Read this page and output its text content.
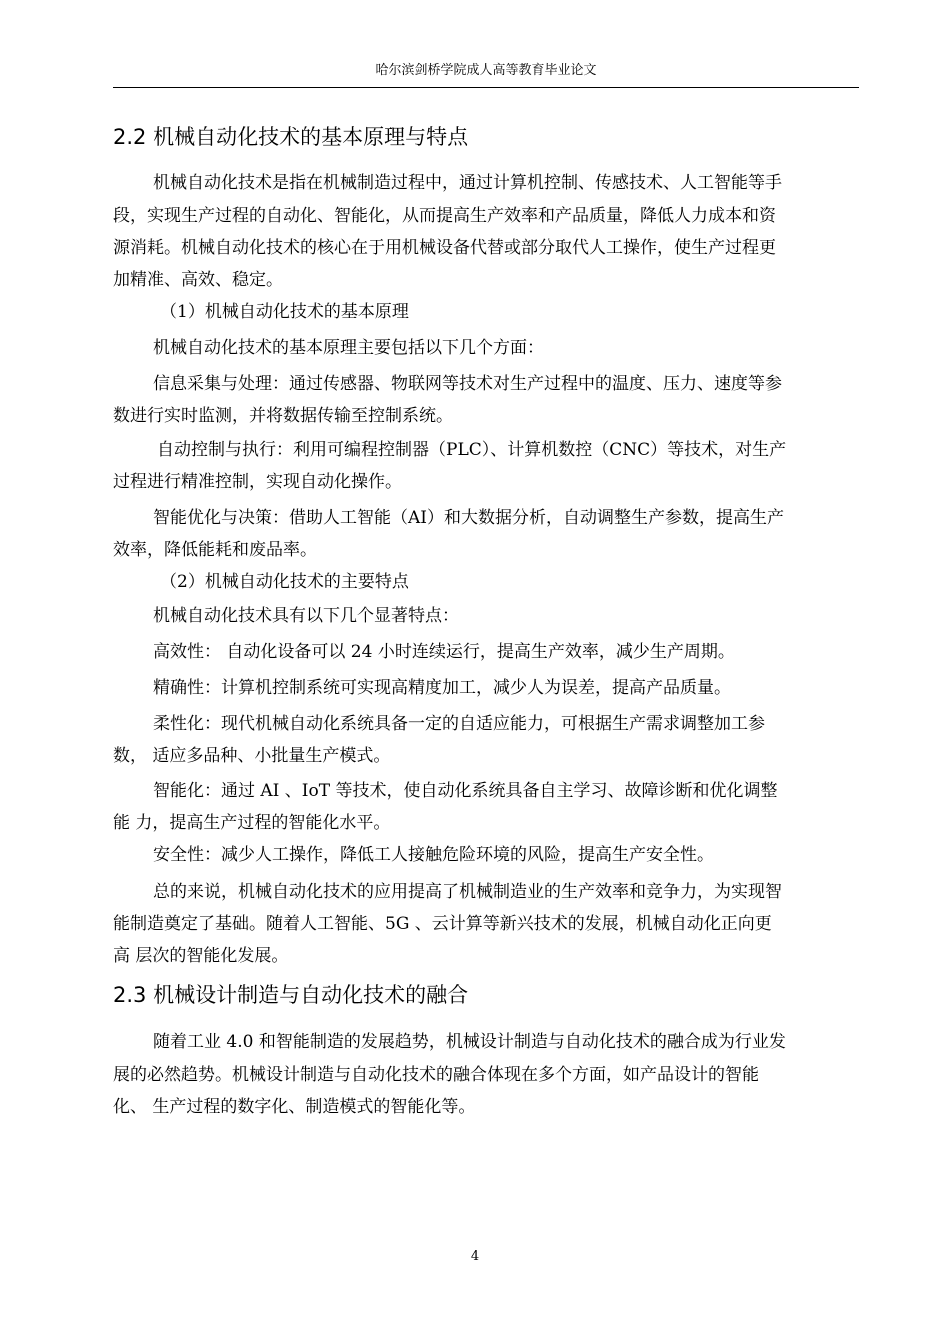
哈尔滨剑桥学院成人高等教育毕业论文
2.2 机械自动化技术的基本原理与特点

机械自动化技术是指在机械制造过程中，通过计算机控制、传感技术、人工智能等手

段，实现生产过程的自动化、智能化，从而提高生产效率和产品质量，降低人力成本和资

源消耗。机械自动化技术的核心在于用机械设备代替或部分取代人工操作，使生产过程更

加精准、高效、稳定。

（1）机械自动化技术的基本原理

机械自动化技术的基本原理主要包括以下几个方面：

信息采集与处理：通过传感器、物联网等技术对生产过程中的温度、压力、速度等参

数进行实时监测，并将数据传输至控制系统。

自动控制与执行：利用可编程控制器（PLC）、计算机数控（CNC）等技术，对生产

过程进行精准控制，实现自动化操作。

智能优化与决策：借助人工智能（AI）和大数据分析，自动调整生产参数，提高生产

效率，降低能耗和废品率。

（2）机械自动化技术的主要特点

机械自动化技术具有以下几个显著特点：

高效性： 自动化设备可以 24 小时连续运行，提高生产效率，减少生产周期。

精确性：计算机控制系统可实现高精度加工，减少人为误差，提高产品质量。

柔性化：现代机械自动化系统具备一定的自适应能力，可根据生产需求调整加工参

数， 适应多品种、小批量生产模式。

智能化：通过 AI 、IoT 等技术，使自动化系统具备自主学习、故障诊断和优化调整

能 力，提高生产过程的智能化水平。

安全性：减少人工操作，降低工人接触危险环境的风险，提高生产安全性。

总的来说，机械自动化技术的应用提高了机械制造业的生产效率和竞争力，为实现智

能制造奠定了基础。随着人工智能、5G 、云计算等新兴技术的发展，机械自动化正向更

高 层次的智能化发展。

2.3 机械设计制造与自动化技术的融合

随着工业 4.0 和智能制造的发展趋势，机械设计制造与自动化技术的融合成为行业发

展的必然趋势。机械设计制造与自动化技术的融合体现在多个方面，如产品设计的智能

化、 生产过程的数字化、制造模式的智能化等。

4
